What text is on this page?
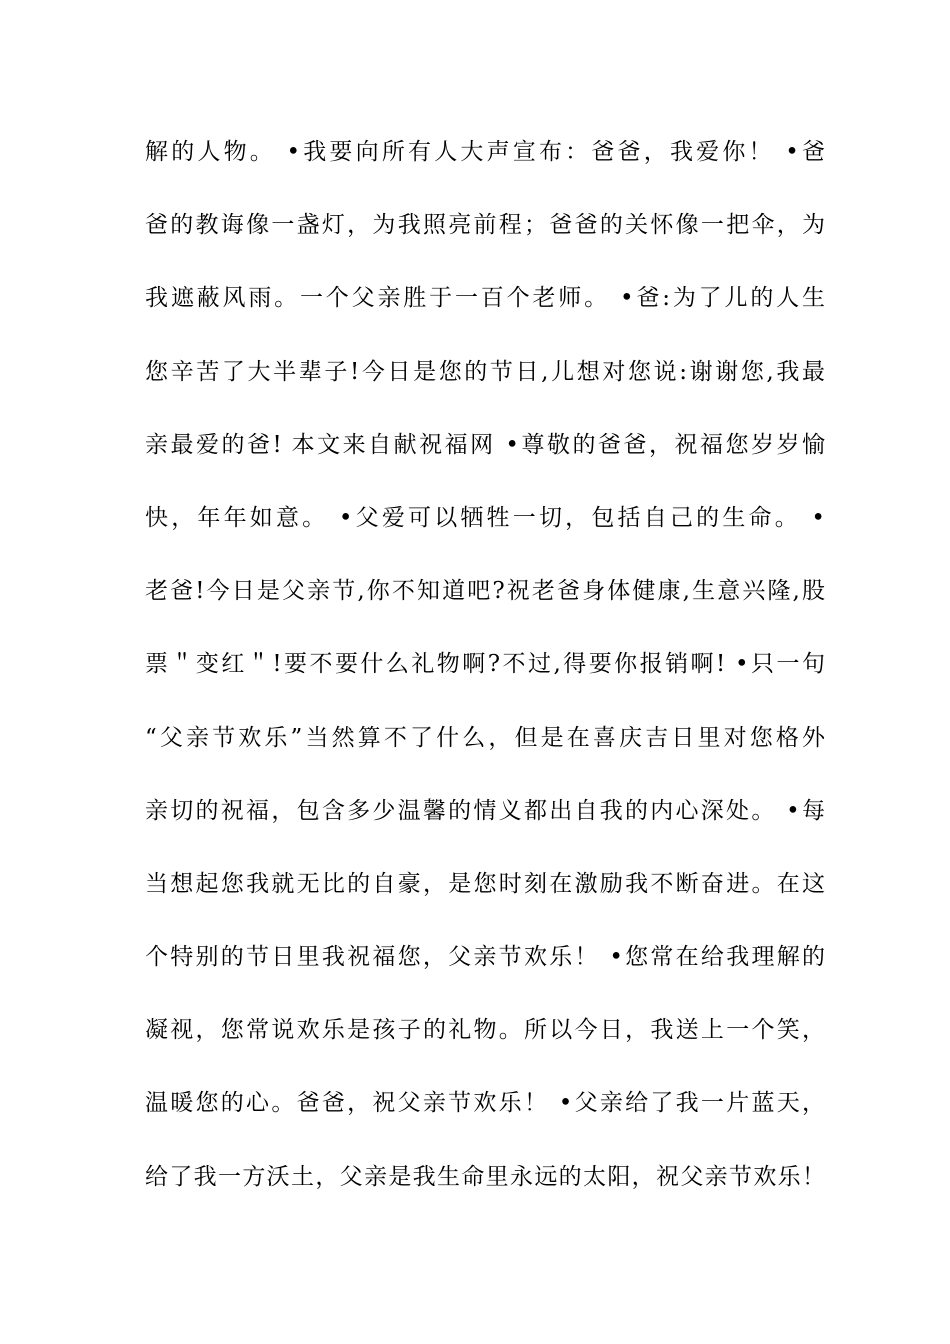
解的人物。 •我要向所有人大声宣布：爸爸，我爱你！ •爸
爸的教诲像一盏灯，为我照亮前程；爸爸的关怀像一把伞，为
我遮蔽风雨。一个父亲胜于一百个老师。 •爸:为了儿的人生
您辛苦了大半辈子!今日是您的节日,儿想对您说:谢谢您,我最
亲最爱的爸! 本文来自献祝福网 •尊敬的爸爸，祝福您岁岁愉
快，年年如意。 •父爱可以牺牲一切，包括自己的生命。 •
老爸!今日是父亲节,你不知道吧?祝老爸身体健康,生意兴隆,股
票＂变红＂!要不要什么礼物啊?不过,得要你报销啊! •只一句
“父亲节欢乐”当然算不了什么，但是在喜庆吉日里对您格外
亲切的祝福，包含多少温馨的情义都出自我的内心深处。 •每
当想起您我就无比的自豪，是您时刻在激励我不断奋进。在这
个特别的节日里我祝福您，父亲节欢乐！ •您常在给我理解的
凝视，您常说欢乐是孩子的礼物。所以今日，我送上一个笑，
温暖您的心。爸爸，祝父亲节欢乐！ •父亲给了我一片蓝天，
给了我一方沃土，父亲是我生命里永远的太阳，祝父亲节欢乐！
